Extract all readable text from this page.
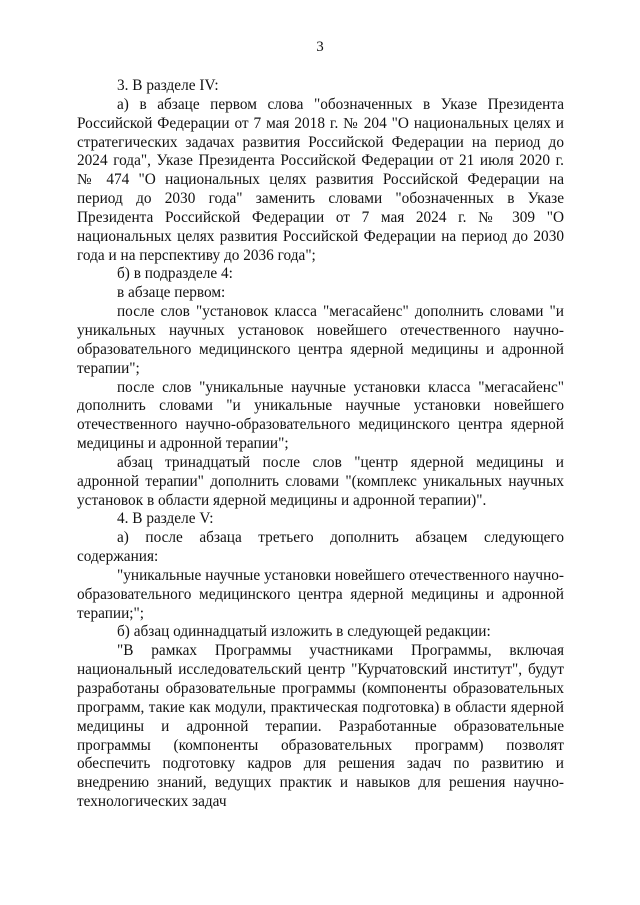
3

3. В разделе IV:

а) в абзаце первом слова "обозначенных в Указе Президента Российской Федерации от 7 мая 2018 г. № 204 "О национальных целях и стратегических задачах развития Российской Федерации на период до 2024 года", Указе Президента Российской Федерации от 21 июля 2020 г. № 474 "О национальных целях развития Российской Федерации на период до 2030 года" заменить словами "обозначенных в Указе Президента Российской Федерации от 7 мая 2024 г. № 309 "О национальных целях развития Российской Федерации на период до 2030 года и на перспективу до 2036 года";

б) в подразделе 4:

в абзаце первом:

после слов "установок класса "мегасайенс" дополнить словами "и уникальных научных установок новейшего отечественного научно-образовательного медицинского центра ядерной медицины и адронной терапии";

после слов "уникальные научные установки класса "мегасайенс" дополнить словами "и уникальные научные установки новейшего отечественного научно-образовательного медицинского центра ядерной медицины и адронной терапии";

абзац тринадцатый после слов "центр ядерной медицины и адронной терапии" дополнить словами "(комплекс уникальных научных установок в области ядерной медицины и адронной терапии)".

4. В разделе V:

а) после абзаца третьего дополнить абзацем следующего содержания:

"уникальные научные установки новейшего отечественного научно-образовательного медицинского центра ядерной медицины и адронной терапии;";

б) абзац одиннадцатый изложить в следующей редакции:

"В рамках Программы участниками Программы, включая национальный исследовательский центр "Курчатовский институт", будут разработаны образовательные программы (компоненты образовательных программ, такие как модули, практическая подготовка) в области ядерной медицины и адронной терапии. Разработанные образовательные программы (компоненты образовательных программ) позволят обеспечить подготовку кадров для решения задач по развитию и внедрению знаний, ведущих практик и навыков для решения научно-технологических задач
